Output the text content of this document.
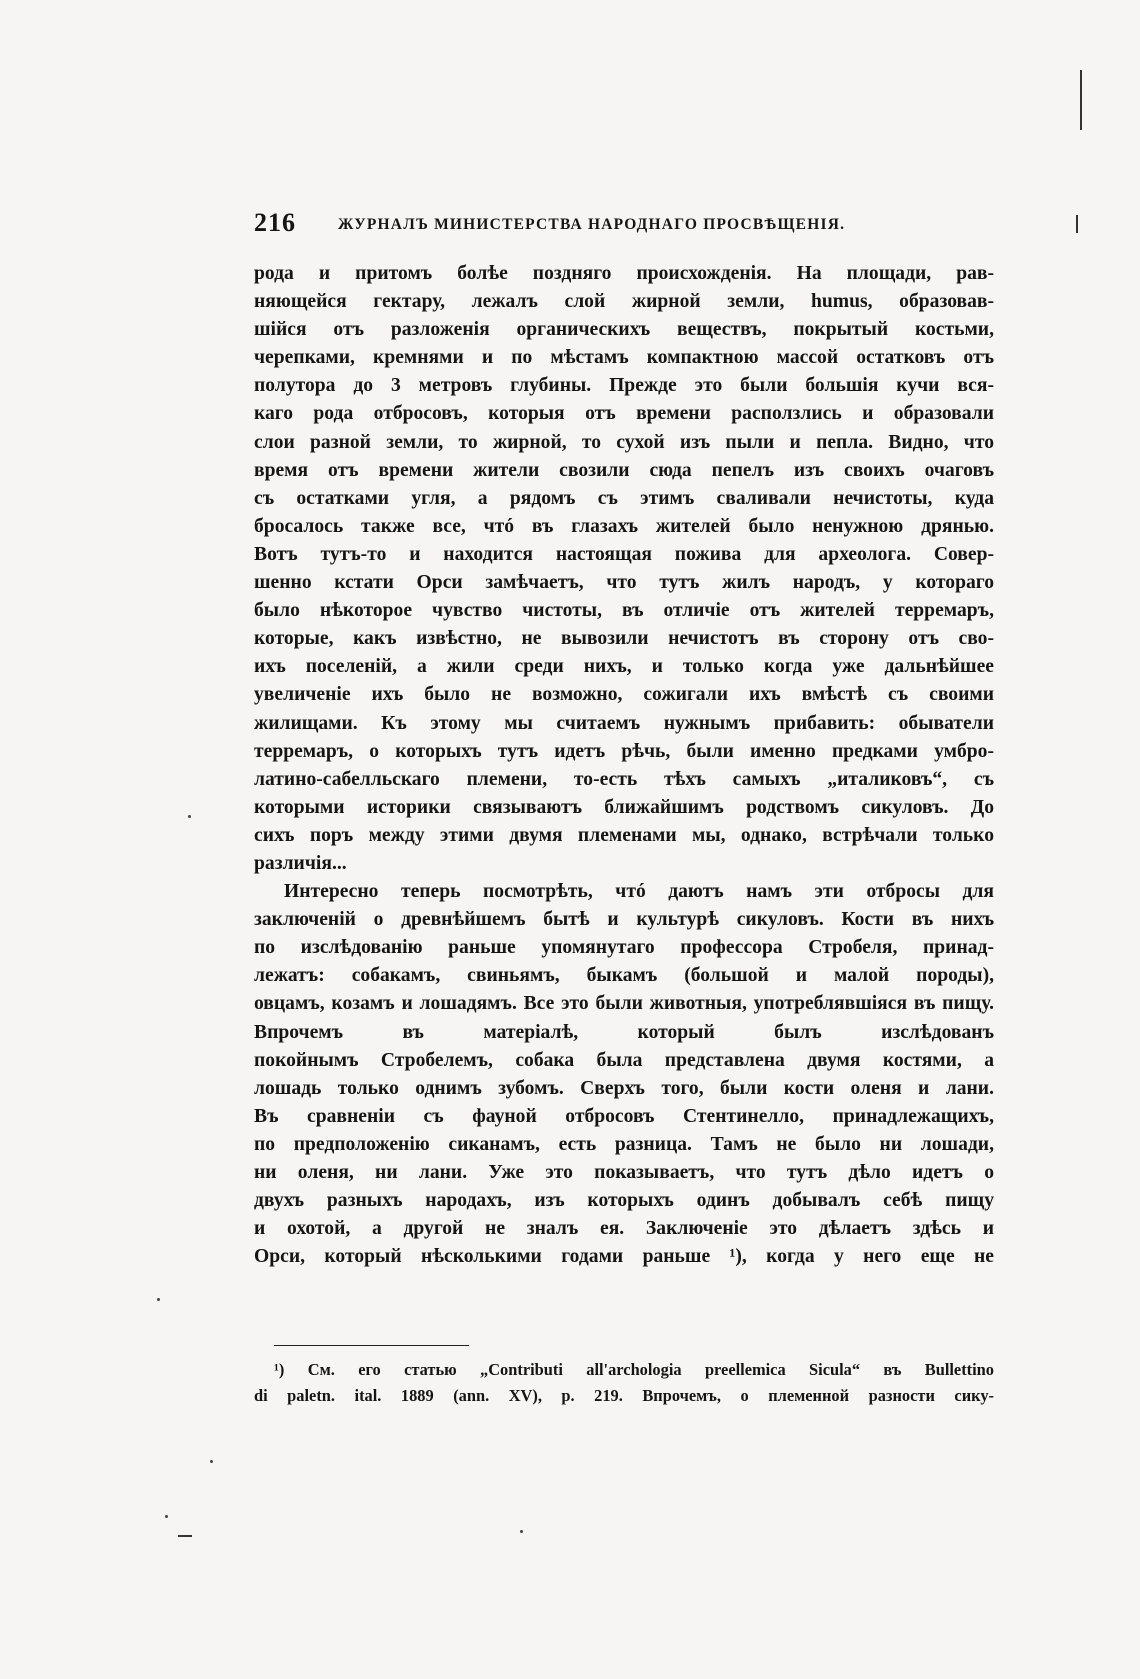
216	ЖУРНАЛЪ МИНИСТЕРСТВА НАРОДНАГО ПРОСВѢЩЕНІЯ.
рода и притомъ болѣе поздняго происхожденія. На площади, рав-
няющейся гектару, лежалъ слой жирной земли, humus, образовав-
шійся отъ разложенія органическихъ веществъ, покрытый костьми,
черепками, кремнями и по мѣстамъ компактною массой остатковъ отъ
полутора до 3 метровъ глубины. Прежде это были большія кучи вся-
каго рода отбросовъ, которыя отъ времени расползлись и образовали
слои разной земли, то жирной, то сухой изъ пыли и пепла. Видно, что
время отъ времени жители свозили сюда пепелъ изъ своихъ очаговъ
съ остатками угля, а рядомъ съ этимъ сваливали нечистоты, куда
бросалось также все, чтó въ глазахъ жителей было ненужною дрянью.
Вотъ тутъ-то и находится настоящая пожива для археолога. Совер-
шенно кстати Орси замѣчаетъ, что тутъ жилъ народъ, у котораго
было нѣкоторое чувство чистоты, въ отличіе отъ жителей терремаръ,
которые, какъ извѣстно, не вывозили нечистотъ въ сторону отъ сво-
ихъ поселеній, а жили среди нихъ, и только когда уже дальнѣйшее
увеличеніе ихъ было не возможно, сожигали ихъ вмѣстѣ съ своими
жилищами. Къ этому мы считаемъ нужнымъ прибавить: обыватели
терремаръ, о которыхъ тутъ идетъ рѣчь, были именно предками умбро-
латино-сабелльскаго племени, то-есть тѣхъ самыхъ „италиковъ“, съ
которыми историки связываютъ ближайшимъ родствомъ сикуловъ. До
сихъ поръ между этими двумя племенами мы, однако, встрѣчали только
различія...
Интересно теперь посмотрѣть, чтó даютъ намъ эти отбросы для
заключеній о древнѣйшемъ бытѣ и культурѣ сикуловъ. Кости въ нихъ
по изслѣдованію раньше упомянутаго профессора Стробеля, принад-
лежатъ: собакамъ, свиньямъ, быкамъ (большой и малой породы),
овцамъ, козамъ и лошадямъ. Все это были животныя, употреблявшіяся въ пищу. Впрочемъ въ матеріалѣ, который былъ изслѣдованъ
покойнымъ Стробелемъ, собака была представлена двумя костями, а
лошадь только однимъ зубомъ. Сверхъ того, были кости оленя и лани.
Въ сравненіи съ фауной отбросовъ Стентинелло, принадлежащихъ,
по предположенію сиканамъ, есть разница. Тамъ не было ни лошади,
ни оленя, ни лани. Уже это показываетъ, что тутъ дѣло идетъ о
двухъ разныхъ народахъ, изъ которыхъ одинъ добывалъ себѣ пищу
и охотой, а другой не зналъ ея. Заключеніе это дѣлаетъ здѣсь и
Орси, который нѣсколькими годами раньше ¹), когда у него еще не
¹) См. его статью „Contributi all'archologia preellemica Sicula“ въ Bullettino
di paletn. ital. 1889 (ann. XV), p. 219. Впрочемъ, о племенной разности сику-
